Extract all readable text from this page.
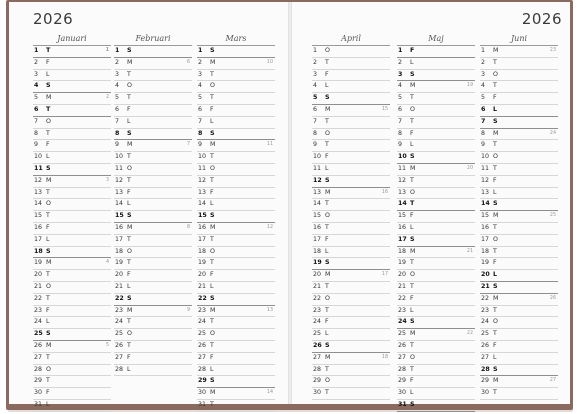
2026	2026
Januari
1 T	1
2 F
3 L
4 S
5 M	2
6 T
7 O
8 T
9 F
10 L
11 S
12 M	3
13 T
14 O
15 T
16 F
17 L
18 S
19 M	4
20 T
21 O
22 T
23 F
24 L
25 S
26 M	5
27 T
28 O
29 T
30 F
31 L
Februari
1 S
2 M	6
3 T
4 O
5 T
6 F
7 L
8 S
9 M	7
10 T
11 O
12 T
13 F
14 L
15 S
16 M	8
17 T
18 O
19 T
20 F
21 L
22 S
23 M	9
24 T
25 O
26 T
27 F
28 L
Mars
1 S
2 M	10
3 T
4 O
5 T
6 F
7 L
8 S
9 M	11
10 T
11 O
12 T
13 F
14 L
15 S
16 M	12
17 T
18 O
19 T
20 F
21 L
22 S
23 M	13
24 T
25 O
26 T
27 F
28 L
29 S
30 M	14
31 T
April
1 O
2 T
3 F
4 L
5 S
6 M	15
7 T
8 O
9 T
10 F
11 L
12 S
13 M	16
14 T
15 O
16 T
17 F
18 L
19 S
20 M	17
21 T
22 O
23 T
24 F
25 L
26 S
27 M	18
28 T
29 O
30 T
Maj
1 F
2 L
3 S
4 M	19
5 T
6 O
7 T
8 F
9 L
10 S
11 M	20
12 T
13 O
14 T
15 F
16 L
17 S
18 M	21
19 T
20 O
21 T
22 F
23 L
24 S
25 M	22
26 T
27 O
28 T
29 F
30 L
31 S
Juni
1 M	23
2 T
3 O
4 T
5 F
6 L
7 S
8 M	24
9 T
10 O
11 T
12 F
13 L
14 S
15 M	25
16 T
17 O
18 T
19 F
20 L
21 S
22 M	26
23 T
24 O
25 T
26 F
27 L
28 S
29 M	27
30 T
